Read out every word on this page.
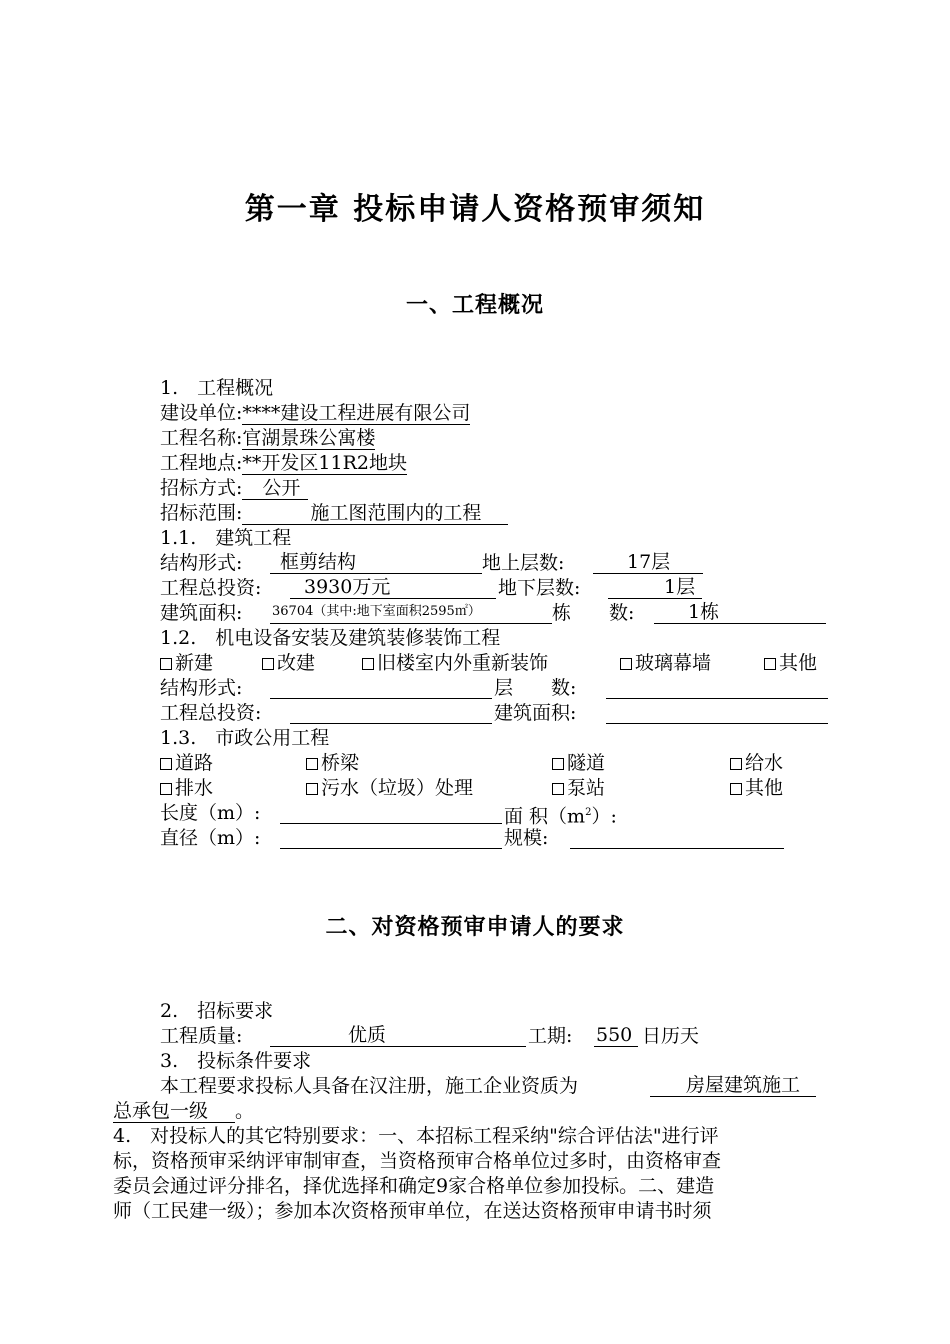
第一章 投标申请人资格预审须知
一、工程概况
1.　工程概况
建设单位:****建设工程进展有限公司
工程名称:官湖景珠公寓楼
工程地点:**开发区11R2地块
招标方式: 公开
招标范围:	施工图范围内的工程
1.1.　建筑工程
结构形式:	框剪结构	地上层数:	17层
工程总投资:	3930万元	地下层数:	1层
建筑面积: 36704（其中:地下室面积2595㎡）	栋　　数:	1栋
1.2.　机电设备安装及建筑装修装饰工程
新建	改建	旧楼室内外重新装饰	玻璃幕墙	其他
结构形式:	层　　数:
工程总投资:	建筑面积:
1.3.　市政公用工程
道路	桥梁	隧道	给水
排水	污水（垃圾）处理	泵站	其他
长度（m）:	面 积$(m^2)$:
直径（m）:	规模:
二、对资格预审申请人的要求
2.　招标要求
工程质量:	优质	工期: 550 日历天
3.　投标条件要求
本工程要求投标人具备在汉注册，施工企业资质为	房屋建筑施工
总承包一级 。
4.　对投标人的其它特别要求：一、本招标工程采纳"综合评估法"进行评
标，资格预审采纳评审制审查，当资格预审合格单位过多时，由资格审查
委员会通过评分排名，择优选择和确定9家合格单位参加投标。二、建造
师（工民建一级）；参加本次资格预审单位，在送达资格预审申请书时须
